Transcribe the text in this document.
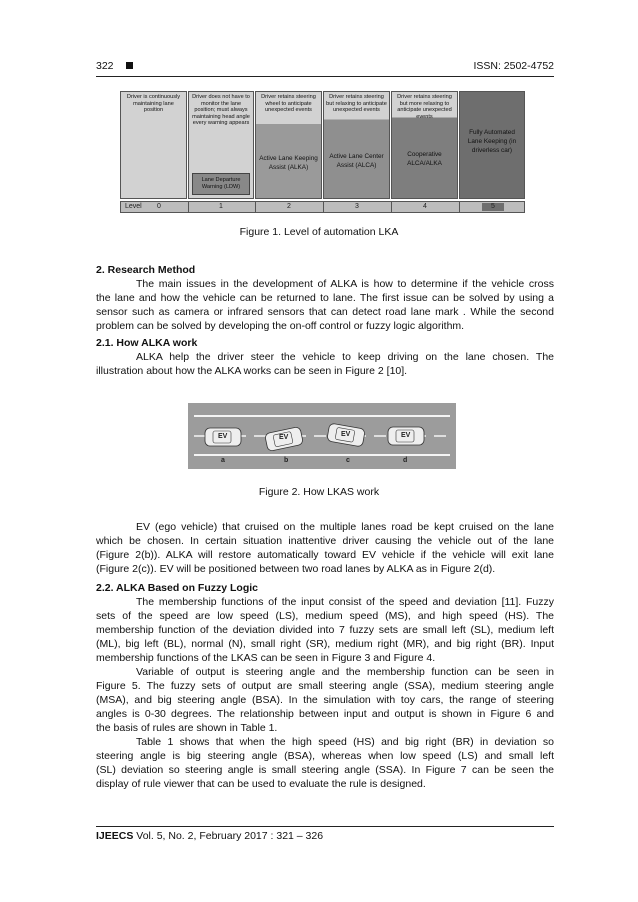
322	ISSN: 2502-4752
Driver is continuously maintaining lane position
Driver does not have to monitor the lane position; must always maintaining head angle every warning appears
Lane Departure Warning (LDW)
Driver retains steering wheel to anticipate unexpected events
Active Lane Keeping Assist (ALKA)
Driver retains steering but relaxing to anticipate unexpected events
Active Lane Center Assist (ALCA)
Driver retains steering but more relaxing to anticipate unexpected events
Cooperative ALCA/ALKA
Fully Automated Lane Keeping (in driverless car)
Level 0	1	2	3	4	5
Figure 1. Level of automation LKA
2. Research Method
The main issues in the development of ALKA is how to determine if the vehicle cross
the lane and how the vehicle can be returned to lane. The first issue can be solved by using a
sensor such as camera or infrared sensors that can detect road lane mark . While the second
problem can be solved by developing the on-off control or fuzzy logic algorithm.
2.1. How ALKA work
ALKA help the driver steer the vehicle to keep driving on the lane chosen. The
illustration about how the ALKA works can be seen in Figure 2 [10].
EV	EV	EV	EV
a	b	c	d
Figure 2. How LKAS work
EV (ego vehicle) that cruised on the multiple lanes road be kept cruised on the lane
which be chosen. In certain situation inattentive driver causing the vehicle out of the lane
(Figure 2(b)). ALKA will restore automatically toward EV vehicle if the vehicle will exit lane
(Figure 2(c)). EV will be positioned between two road lanes by ALKA as in Figure 2(d).
2.2. ALKA Based on Fuzzy Logic
The membership functions of the input consist of the speed and deviation [11]. Fuzzy
sets of the speed are low speed (LS), medium speed (MS), and high speed (HS). The
membership function of the deviation divided into 7 fuzzy sets are small left (SL), medium left
(ML), big left (BL), normal (N), small right (SR), medium right (MR), and big right (BR). Input
membership functions of the LKAS can be seen in Figure 3 and Figure 4.
Variable of output is steering angle and the membership function can be seen in
Figure 5. The fuzzy sets of output are small steering angle (SSA), medium steering angle
(MSA), and big steering angle (BSA). In the simulation with toy cars, the range of steering
angles is 0-30 degrees. The relationship between input and output is shown in Figure 6 and
the basis of rules are shown in Table 1.
Table 1 shows that when the high speed (HS) and big right (BR) in deviation so
steering angle is big steering angle (BSA), whereas when low speed (LS) and small left
(SL) deviation so steering angle is small steering angle (SSA). In Figure 7 can be seen the
display of rule viewer that can be used to evaluate the rule is designed.
IJEECS Vol. 5, No. 2, February 2017 : 321 – 326
